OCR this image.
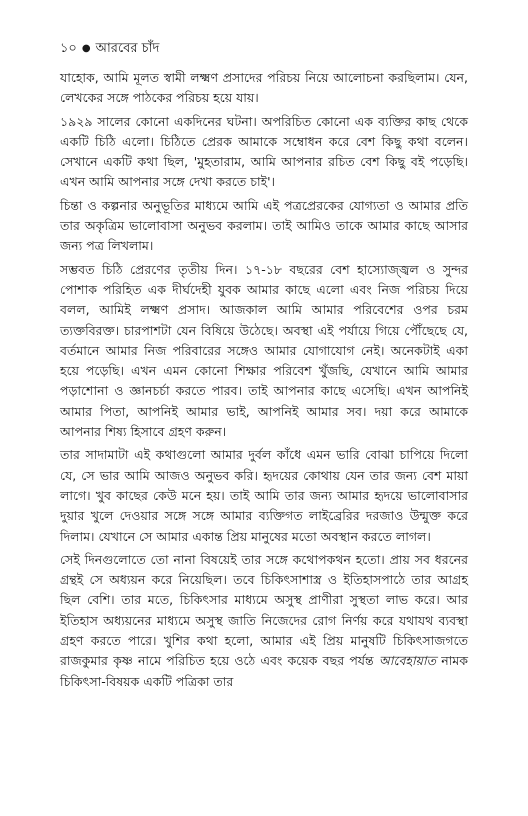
১০ ● আরবের চাঁদ

যাহোক, আমি মূলত স্বামী লক্ষ্মণ প্রসাদের পরিচয় নিয়ে আলোচনা করছিলাম। যেন, লেখকের সঙ্গে পাঠকের পরিচয় হয়ে যায়।

১৯২৯ সালের কোনো একদিনের ঘটনা। অপরিচিত কোনো এক ব্যক্তির কাছ থেকে একটি চিঠি এলো। চিঠিতে প্রেরক আমাকে সম্বোধন করে বেশ কিছু কথা বলেন। সেখানে একটি কথা ছিল, 'মুহতারাম, আমি আপনার রচিত বেশ কিছু বই পড়েছি। এখন আমি আপনার সঙ্গে দেখা করতে চাই'।

চিন্তা ও কল্পনার অনুভূতির মাধ্যমে আমি এই পত্রপ্রেরকের যোগ্যতা ও আমার প্রতি তার অকৃত্রিম ভালোবাসা অনুভব করলাম। তাই আমিও তাকে আমার কাছে আসার জন্য পত্র লিখলাম।

সম্ভবত চিঠি প্রেরণের তৃতীয় দিন। ১৭-১৮ বছরের বেশ হাস্যোজ্জ্বল ও সুন্দর পোশাক পরিহিত এক দীর্ঘদেহী যুবক আমার কাছে এলো এবং নিজ পরিচয় দিয়ে বলল, আমিই লক্ষ্মণ প্রসাদ। আজকাল আমি আমার পরিবেশের ওপর চরম ত্যক্তবিরক্ত। চারপাশটা যেন বিষিয়ে উঠেছে। অবস্থা এই পর্যায়ে গিয়ে পৌঁছেছে যে, বর্তমানে আমার নিজ পরিবারের সঙ্গেও আমার যোগাযোগ নেই। অনেকটাই একা হয়ে পড়েছি। এখন এমন কোনো শিক্ষার পরিবেশ খুঁজছি, যেখানে আমি আমার পড়াশোনা ও জ্ঞানচর্চা করতে পারব। তাই আপনার কাছে এসেছি। এখন আপনিই আমার পিতা, আপনিই আমার ভাই, আপনিই আমার সব। দয়া করে আমাকে আপনার শিষ্য হিসাবে গ্রহণ করুন।

তার সাদামাটা এই কথাগুলো আমার দুর্বল কাঁধে এমন ভারি বোঝা চাপিয়ে দিলো যে, সে ভার আমি আজও অনুভব করি। হৃদয়ের কোথায় যেন তার জন্য বেশ মায়া লাগে। খুব কাছের কেউ মনে হয়। তাই আমি তার জন্য আমার হৃদয়ে ভালোবাসার দুয়ার খুলে দেওয়ার সঙ্গে সঙ্গে আমার ব্যক্তিগত লাইব্রেরির দরজাও উন্মুক্ত করে দিলাম। যেখানে সে আমার একান্ত প্রিয় মানুষের মতো অবস্থান করতে লাগল।

সেই দিনগুলোতে তো নানা বিষয়েই তার সঙ্গে কথোপকথন হতো। প্রায় সব ধরনের গ্রন্থই সে অধ্যয়ন করে নিয়েছিল। তবে চিকিৎসাশাস্ত্র ও ইতিহাসপাঠে তার আগ্রহ ছিল বেশি। তার মতে, চিকিৎসার মাধ্যমে অসুস্থ প্রাণীরা সুস্থতা লাভ করে। আর ইতিহাস অধ্যয়নের মাধ্যমে অসুস্থ জাতি নিজেদের রোগ নির্ণয় করে যথাযথ ব্যবস্থা গ্রহণ করতে পারে। খুশির কথা হলো, আমার এই প্রিয় মানুষটি চিকিৎসাজগতে রাজকুমার কৃষ্ণ নামে পরিচিত হয়ে ওঠে এবং কয়েক বছর পর্যন্ত আবেহায়াত নামক চিকিৎসা-বিষয়ক একটি পত্রিকা তার
